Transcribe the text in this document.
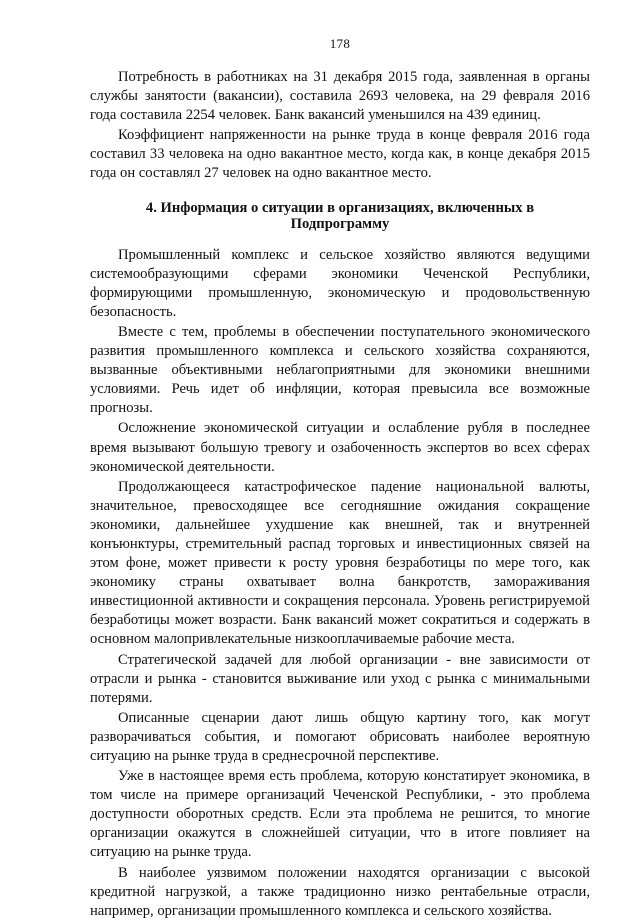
178

Потребность в работниках на 31 декабря 2015 года, заявленная в органы службы занятости (вакансии), составила 2693 человека, на 29 февраля 2016 года составила 2254 человек. Банк вакансий уменьшился на 439 единиц.

Коэффициент напряженности на рынке труда в конце февраля 2016 года составил 33 человека на одно вакантное место, когда как, в конце декабря 2015 года он составлял 27 человек на одно вакантное место.

4. Информация о ситуации в организациях, включенных в
Подпрограмму

Промышленный комплекс и сельское хозяйство являются ведущими системообразующими сферами экономики Чеченской Республики, формирующими промышленную, экономическую и продовольственную безопасность.

Вместе с тем, проблемы в обеспечении поступательного экономического развития промышленного комплекса и сельского хозяйства сохраняются, вызванные объективными неблагоприятными для экономики внешними условиями. Речь идет об инфляции, которая превысила все возможные прогнозы.

Осложнение экономической ситуации и ослабление рубля в последнее время вызывают большую тревогу и озабоченность экспертов во всех сферах экономической деятельности.

Продолжающееся катастрофическое падение национальной валюты, значительное, превосходящее все сегодняшние ожидания сокращение экономики, дальнейшее ухудшение как внешней, так и внутренней конъюнктуры, стремительный распад торговых и инвестиционных связей на этом фоне, может привести к росту уровня безработицы по мере того, как экономику страны охватывает волна банкротств, замораживания инвестиционной активности и сокращения персонала. Уровень регистрируемой безработицы может возрасти. Банк вакансий может сократиться и содержать в основном малопривлекательные низкооплачиваемые рабочие места.

Стратегической задачей для любой организации - вне зависимости от отрасли и рынка - становится выживание или уход с рынка с минимальными потерями.

Описанные сценарии дают лишь общую картину того, как могут разворачиваться события, и помогают обрисовать наиболее вероятную ситуацию на рынке труда в среднесрочной перспективе.

Уже в настоящее время есть проблема, которую констатирует экономика, в том числе на примере организаций Чеченской Республики, - это проблема доступности оборотных средств. Если эта проблема не решится, то многие организации окажутся в сложнейшей ситуации, что в итоге повлияет на ситуацию на рынке труда.

В наиболее уязвимом положении находятся организации с высокой кредитной нагрузкой, а также традиционно низко рентабельные отрасли, например, организации промышленного комплекса и сельского хозяйства.
